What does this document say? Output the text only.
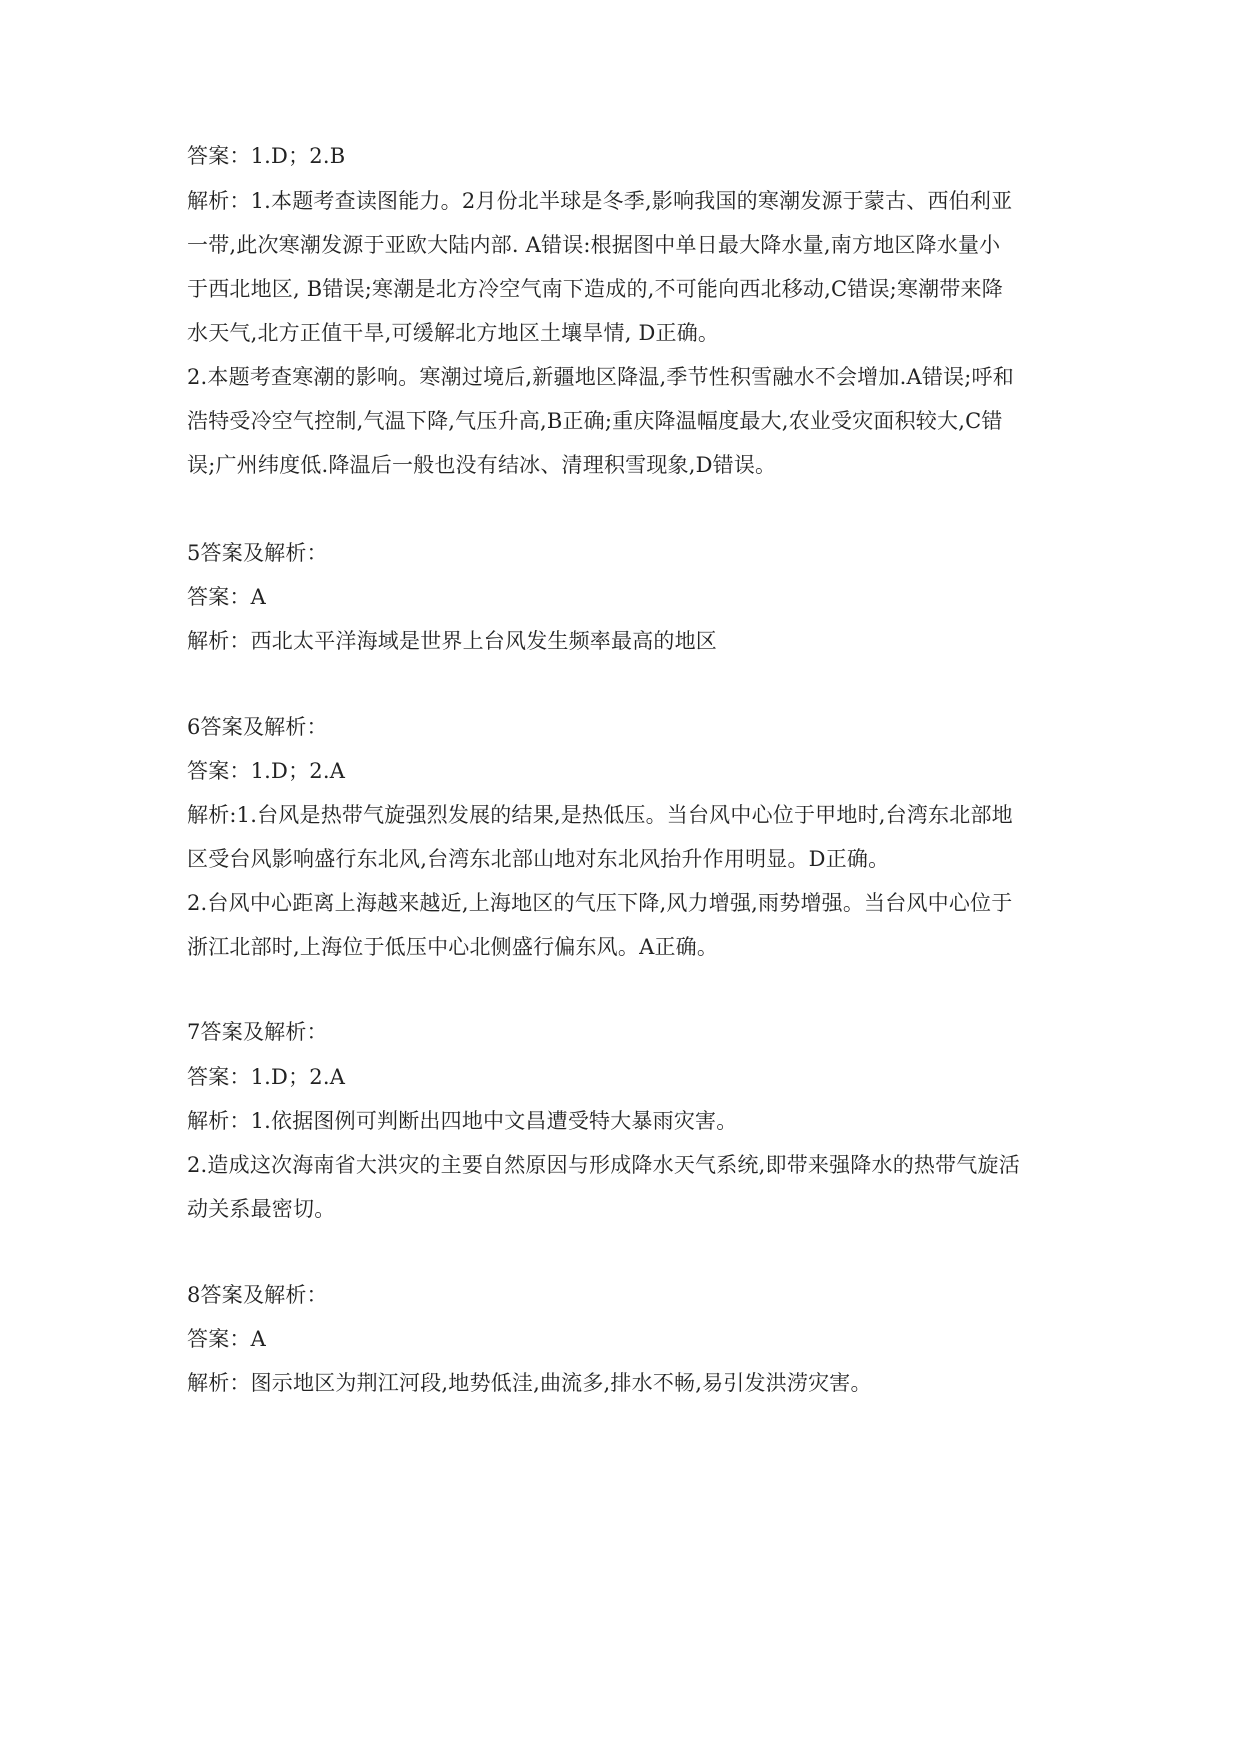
答案：1.D；2.B
解析：1.本题考查读图能力。2月份北半球是冬季,影响我国的寒潮发源于蒙古、西伯利亚
一带,此次寒潮发源于亚欧大陆内部. A错误:根据图中单日最大降水量,南方地区降水量小
于西北地区, B错误;寒潮是北方冷空气南下造成的,不可能向西北移动,C错误;寒潮带来降
水天气,北方正值干旱,可缓解北方地区土壤旱情, D正确。
2.本题考查寒潮的影响。寒潮过境后,新疆地区降温,季节性积雪融水不会增加.A错误;呼和
浩特受冷空气控制,气温下降,气压升高,B正确;重庆降温幅度最大,农业受灾面积较大,C错
误;广州纬度低.降温后一般也没有结冰、清理积雪现象,D错误。
5答案及解析：
答案：A
解析：西北太平洋海域是世界上台风发生频率最高的地区
6答案及解析：
答案：1.D；2.A
解析:1.台风是热带气旋强烈发展的结果,是热低压。当台风中心位于甲地时,台湾东北部地
区受台风影响盛行东北风,台湾东北部山地对东北风抬升作用明显。D正确。
2.台风中心距离上海越来越近,上海地区的气压下降,风力增强,雨势增强。当台风中心位于
浙江北部时,上海位于低压中心北侧盛行偏东风。A正确。
7答案及解析：
答案：1.D；2.A
解析：1.依据图例可判断出四地中文昌遭受特大暴雨灾害。
2.造成这次海南省大洪灾的主要自然原因与形成降水天气系统,即带来强降水的热带气旋活
动关系最密切。
8答案及解析：
答案：A
解析：图示地区为荆江河段,地势低洼,曲流多,排水不畅,易引发洪涝灾害。
